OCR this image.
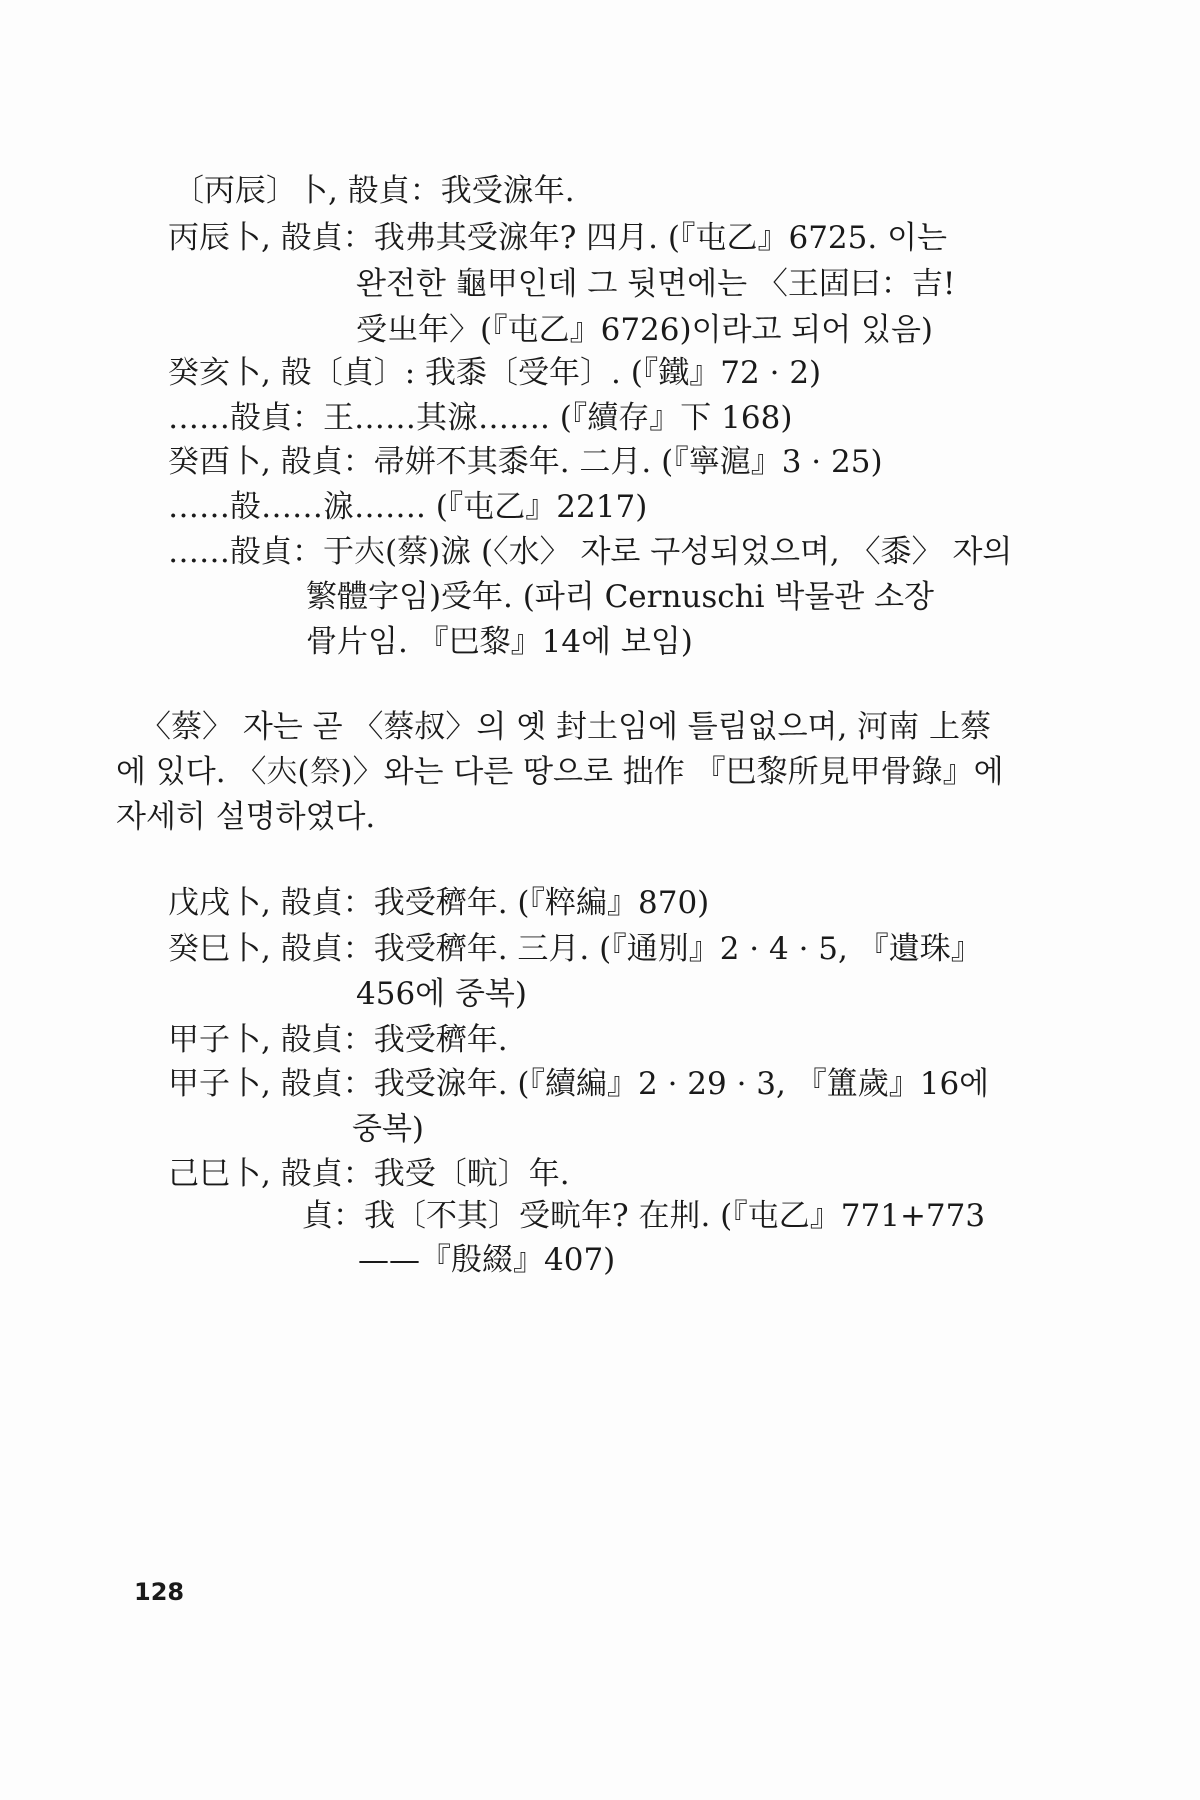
〔丙辰〕卜, 㱿貞：我受㴃年.
丙辰卜, 㱿貞：我弗其受㴃年? 四月. (『屯乙』6725. 이는
완전한 龜甲인데 그 뒷면에는 〈王固曰：吉!
受㞢年〉(『屯乙』6726)이라고 되어 있음)
癸亥卜, 㱿〔貞〕: 我黍〔受年〕. (『鐵』72 · 2)
……㱿貞：王……其㴃……. (『續存』下 168)
癸酉卜, 㱿貞：帚姘不其黍年. 二月. (『寧滬』3 · 25)
……㱿……㴃……. (『屯乙』2217)
……㱿貞：于𡗕(蔡)㴃 (〈水〉 자로 구성되었으며, 〈黍〉 자의
繁體字임)受年. (파리 Cernuschi 박물관 소장
骨片임. 『巴黎』14에 보임)
〈蔡〉 자는 곧 〈蔡叔〉의 옛 封土임에 틀림없으며, 河南 上蔡
에 있다. 〈𡗕(祭)〉와는 다른 땅으로 拙作 『巴黎所見甲骨錄』에
자세히 설명하였다.
戊戌卜, 㱿貞：我受穧年. (『粹編』870)
癸巳卜, 㱿貞：我受穧年. 三月. (『通別』2 · 4 · 5, 『遺珠』
456에 중복)
甲子卜, 㱿貞：我受穧年.
甲子卜, 㱿貞：我受㴃年. (『續編』2 · 29 · 3, 『簠歲』16에
중복)
己巳卜, 㱿貞：我受〔㽘〕年.
貞：我〔不其〕受㽘年? 在㓝. (『屯乙』771+773
——『殷綴』407)
128
